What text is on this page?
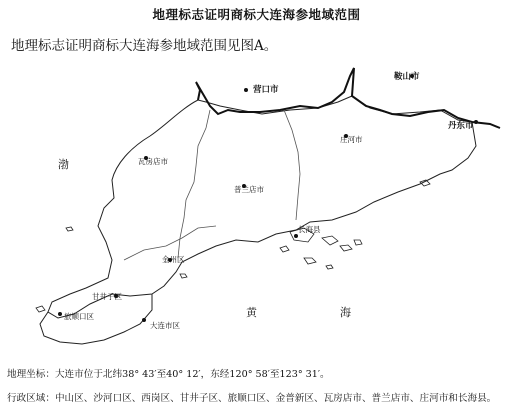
地理标志证明商标大连海参地域范围
地理标志证明商标大连海参地域范围见图A。
营口市
鞍山市
丹东市
瓦房店市
普兰店市
庄河市
金州区
长海县
甘井子区
旅顺口区
大连市区
渤
黄	海
地理坐标：大连市位于北纬38° 43′至40° 12′，东经120° 58′至123° 31′。
行政区域：中山区、沙河口区、西岗区、甘井子区、旅顺口区、金普新区、瓦房店市、普兰店市、庄河市和长海县。
